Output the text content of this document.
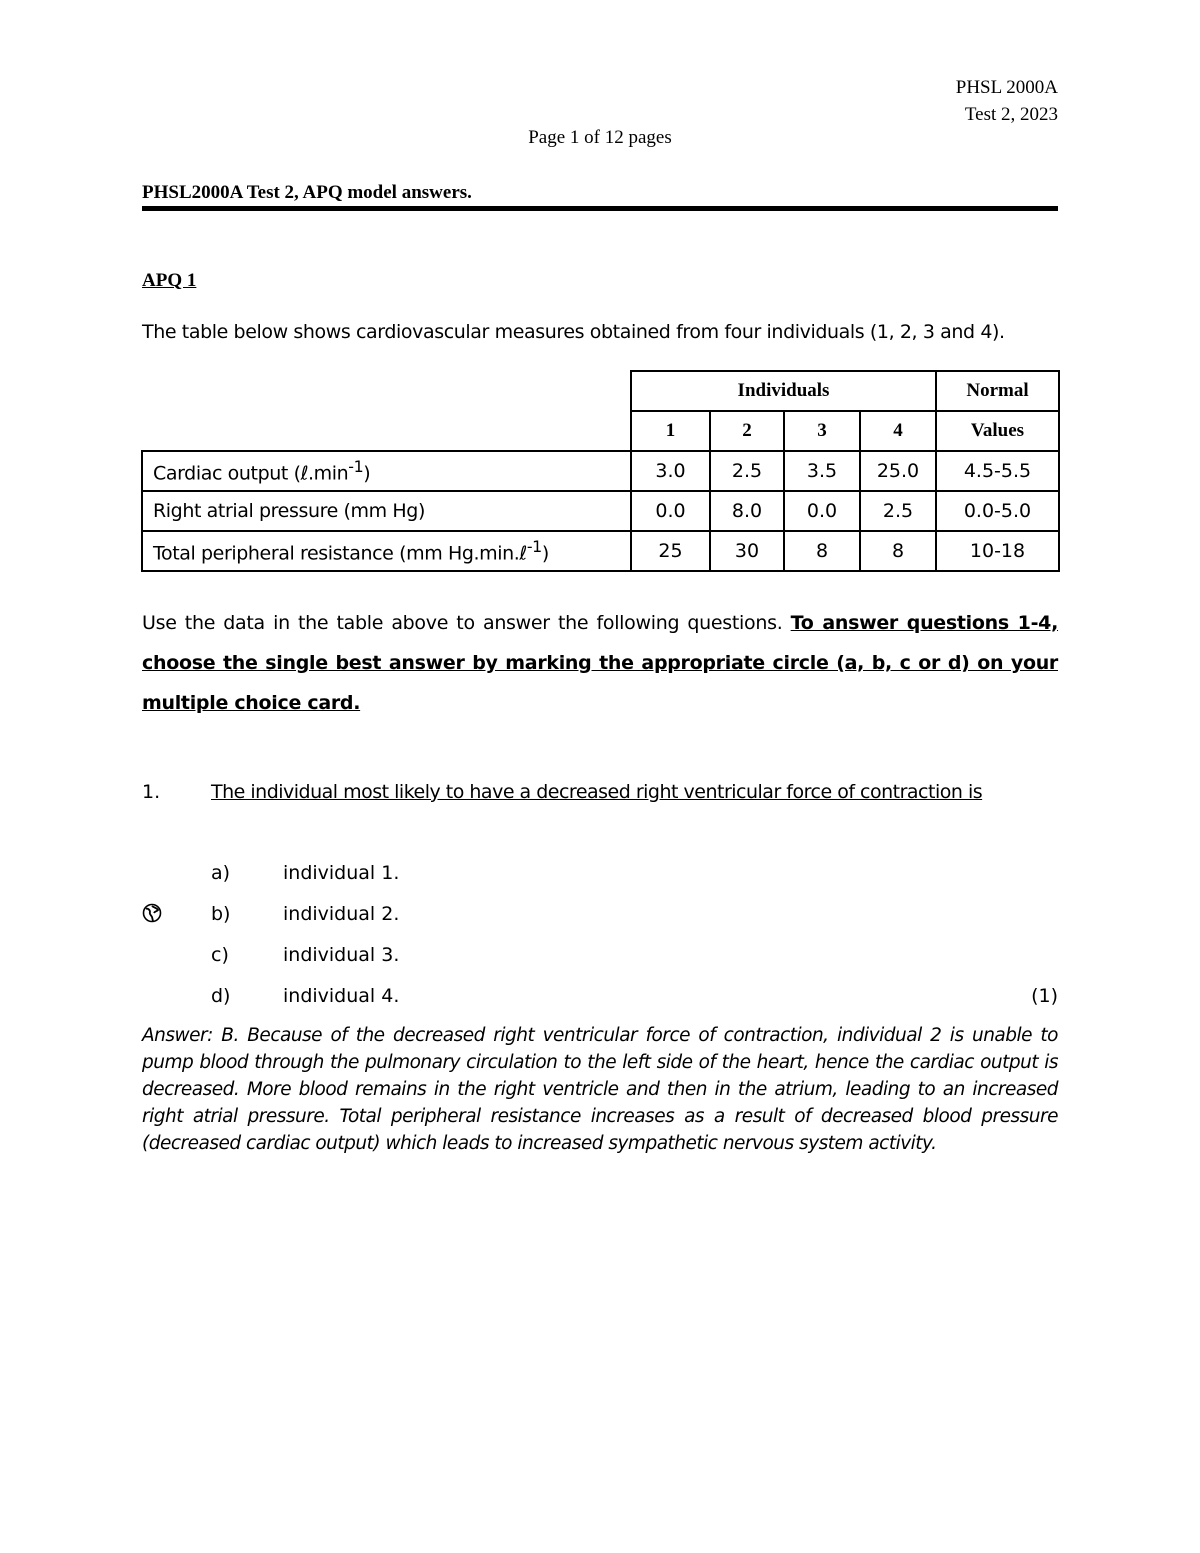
PHSL 2000A
Test 2, 2023
Page 1 of 12 pages
PHSL2000A Test 2, APQ model answers.
APQ 1
The table below shows cardiovascular measures obtained from four individuals (1, 2, 3 and 4).
	Individuals				Normal
	1	2	3	4	Values
Cardiac output $(\ell.\min^{-1})$	3.0	2.5	3.5	25.0	4.5-5.5
Right atrial pressure (mm Hg)	0.0	8.0	0.0	2.5	0.0-5.0
Total peripheral resistance (mm Hg.min.ℓ$^{-1}$)	25	30	8	8	10-18
Use the data in the table above to answer the following questions. To answer questions 1-4, choose the single best answer by marking the appropriate circle (a, b, c or d) on your multiple choice card.
1.	The individual most likely to have a decreased right ventricular force of contraction is
a)	individual 1.
b)	individual 2.
c)	individual 3.
d)	individual 4.	(1)
Answer: B. Because of the decreased right ventricular force of contraction, individual 2 is unable to pump blood through the pulmonary circulation to the left side of the heart, hence the cardiac output is decreased. More blood remains in the right ventricle and then in the atrium, leading to an increased right atrial pressure. Total peripheral resistance increases as a result of decreased blood pressure (decreased cardiac output) which leads to increased sympathetic nervous system activity.
